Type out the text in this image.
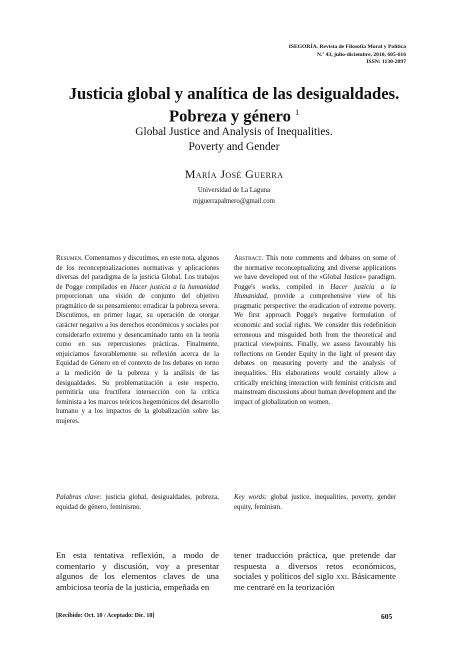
ISEGORÍA. Revista de Filosofía Moral y Política
N.º 43, julio-diciembre, 2010, 605-616
ISSN: 1130-2097
Justicia global y analítica de las desigualdades.
Pobreza y género $^1$
Global Justice and Analysis of Inequalities.
Poverty and Gender
María José Guerra
Universidad de La Laguna
mjguerrapalmero@gmail.com
Resumen. Comentamos y discutimos, en este nota, algunos de los reconceptualizaciones normativas y aplicaciones diversas del paradigma de la justicia Global. Los trabajos de Pogge compilados en Hacer justicia a la humanidad proporcionan una visión de conjunto del objetivo pragmático de su pensamiento: erradicar la pobreza severa. Discutimos, en primer lugar, su operación de otorgar carácter negativo a los derechos económicos y sociales por considerarlo extremo y desencaminado tanto en la teoría como en sus repercusiones prácticas. Finalmente, enjuiciamos favorablemente su reflexión acerca de la Equidad de Género en el contexto de los debates en torno a la medición de la pobreza y la análisis de las desigualdades. Su problematización a este respecto, permitiría una fructífera intersección con la crítica feminista a los marcos teóricos hegemónicos del desarrollo humano y a los impactos de la globalización sobre las mujeres.
Abstract. This note comments and debates on some of the normative reconceptualizing and diverse applications we have developed out of the «Global Justice» paradigm. Pogge's works, compiled in Hacer justicia a la Humanidad, provide a comprehensive view of his pragmatic perspective: the eradication of extreme poverty. We first approach Pogge's negative formulation of economic and social rights. We consider this redefinition erroneous and misguided both from the theoretical and practical viewpoints. Finally, we assess favourably his reflections on Gender Equity in the light of present day debates on measuring poverty and the analysis of inequalities. His elaborations would certainly allow a critically enriching interaction with feminist criticism and mainstream discussions about human development and the impact of globalization on women.
Palabras clave: justicia global, desigualdades, pobreza, equidad de género, feminismo.
Key words: global justice, inequalities, poverty, gender equity, feminism.
En esta tentativa reflexión, a modo de comentario y discusión, voy a presentar algunos de los elementos claves de una ambiciosa teoría de la justicia, empeñada en
tener traducción práctica, que pretende dar respuesta a diversos retos económicos, sociales y políticos del siglo xxi. Básicamente me centraré en la teorización
[Recibido: Oct. 10 / Aceptado: Dic. 10]	605
